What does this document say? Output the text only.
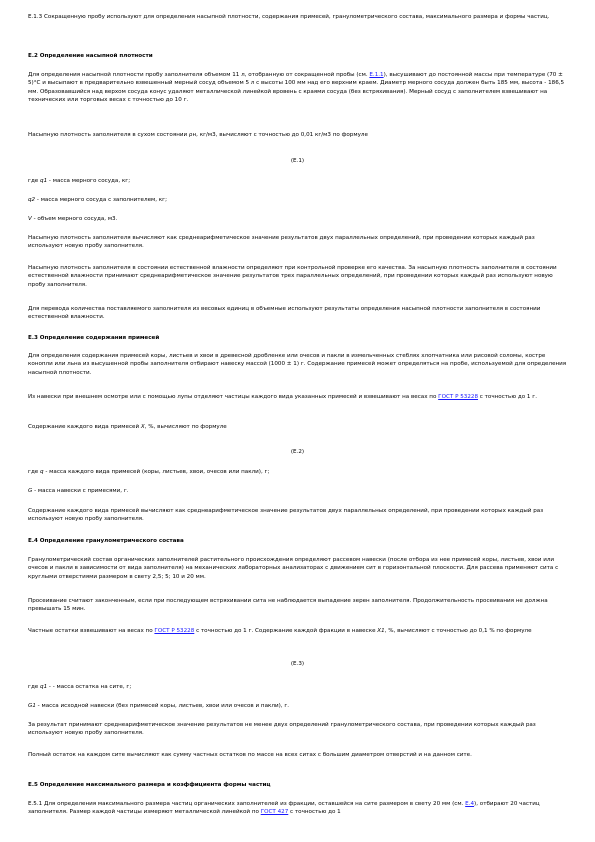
Е.1.3 Сокращенную пробу используют для определения насыпной плотности, содержания примесей, гранулометрического состава, максимального размера и формы частиц.

Е.2 Определение насыпной плотности

Для определения насыпной плотности пробу заполнителя объемом 11 л, отобранную от сокращенной пробы (см. Е.1.1), высушивают до постоянной массы при температуре (70 ± 5)°С и высыпают в предварительно взвешенный мерный сосуд объемом 5 л с высоты 100 мм над его верхним краем. Диаметр мерного сосуда должен быть 185 мм, высота - 186,5 мм. Образовавшийся над верхом сосуда конус удаляют металлической линейкой вровень с краями сосуда (без встряхивания). Мерный сосуд с заполнителем взвешивают на технических или торговых весах с точностью до 10 г.

Насыпную плотность заполнителя в сухом состоянии ρн, кг/м3, вычисляют с точностью до 0,01 кг/м3 по формуле

(Е.1)

где q1 - масса мерного сосуда, кг;

q2 - масса мерного сосуда с заполнителем, кг;

V - объем мерного сосуда, м3.

Насыпную плотность заполнителя вычисляют как среднеарифметическое значение результатов двух параллельных определений, при проведении которых каждый раз используют новую пробу заполнителя.

Насыпную плотность заполнителя в состоянии естественной влажности определяют при контрольной проверке его качества. За насыпную плотность заполнителя в состоянии естественной влажности принимают среднеарифметическое значение результатов трех параллельных определений, при проведении которых каждый раз используют новую пробу заполнителя.

Для перевода количества поставляемого заполнителя из весовых единиц в объемные используют результаты определения насыпной плотности заполнителя в состоянии естественной влажности.

Е.3 Определение содержания примесей

Для определения содержания примесей коры, листьев и хвои в древесной дробленке или очесов и пакли в измельченных стеблях хлопчатника или рисовой соломы, костре конопли или льна из высушенной пробы заполнителя отбирают навеску массой (1000 ± 1) г. Содержание примесей может определяться на пробе, используемой для определения насыпной плотности.

Из навески при внешнем осмотре или с помощью лупы отделяют частицы каждого вида указанных примесей и взвешивают на весах по ГОСТ Р 53228 с точностью до 1 г.

Содержание каждого вида примесей Х, %, вычисляют по формуле

(Е.2)

где q - масса каждого вида примесей (коры, листьев, хвои, очесов или пакли), г;

G - масса навески с примесями, г.

Содержание каждого вида примесей вычисляют как среднеарифметическое значение результатов двух параллельных определений, при проведении которых каждый раз используют новую пробу заполнителя.

Е.4 Определение гранулометрического состава

Гранулометрический состав органических заполнителей растительного происхождения определяют рассевом навески (после отбора из нее примесей коры, листьев, хвои или очесов и пакли в зависимости от вида заполнителя) на механических лабораторных анализаторах с движением сит в горизонтальной плоскости. Для рассева применяют сита с круглыми отверстиями размером в свету 2,5; 5; 10 и 20 мм.

Просеивание считают законченным, если при последующем встряхивании сита не наблюдается выпадение зерен заполнителя. Продолжительность просеивания не должна превышать 15 мин.

Частные остатки взвешивают на весах по ГОСТ Р 53228 с точностью до 1 г. Содержание каждой фракции в навеске Х1, %, вычисляют с точностью до 0,1 % по формуле

(Е.3)

где q1 - - масса остатка на сите, г;

G1 - масса исходной навески (без примесей коры, листьев, хвои или очесов и пакли), г.

За результат принимают среднеарифметическое значение результатов не менее двух определений гранулометрического состава, при проведении которых каждый раз используют новую пробу заполнителя.

Полный остаток на каждом сите вычисляют как сумму частных остатков по массе на всех ситах с большим диаметром отверстий и на данном сите.

Е.5 Определение максимального размера и коэффициента формы частиц

Е.5.1 Для определения максимального размера частиц органических заполнителей из фракции, оставшейся на сите размером в свету 20 мм (см. Е.4), отбирают 20 частиц заполнителя. Размер каждой частицы измеряют металлической линейкой по ГОСТ 427 с точностью до 1
